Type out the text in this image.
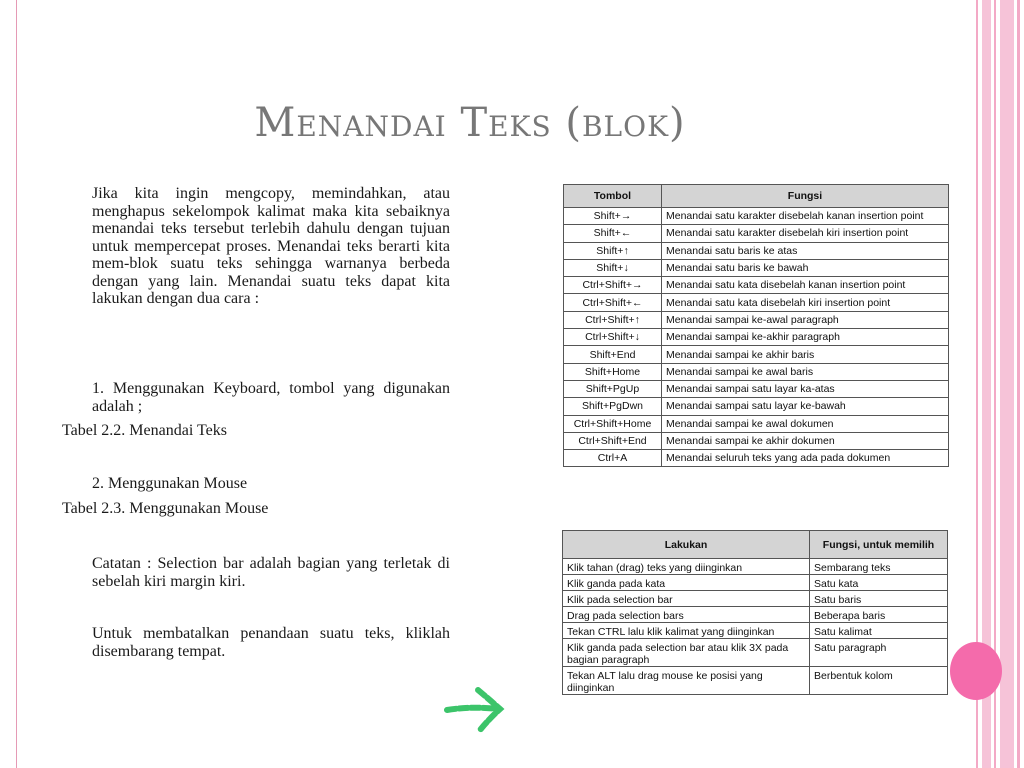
Menandai Teks (blok)

Jika kita ingin mengcopy, memindahkan, atau menghapus sekelompok kalimat maka kita sebaiknya menandai teks tersebut terlebih dahulu dengan tujuan untuk mempercepat proses. Menandai teks berarti kita mem-blok suatu teks sehingga warnanya berbeda dengan yang lain. Menandai suatu teks dapat kita lakukan dengan dua cara :

1. Menggunakan Keyboard, tombol yang digunakan adalah ;

Tabel 2.2. Menandai Teks

2. Menggunakan Mouse

Tabel 2.3. Menggunakan Mouse

Catatan : Selection bar adalah bagian yang terletak di sebelah kiri margin kiri.

Untuk membatalkan penandaan suatu teks, kliklah disembarang tempat.

Tombol	Fungsi
Shift+→	Menandai satu karakter disebelah kanan insertion point
Shift+←	Menandai satu karakter disebelah kiri insertion point
Shift+↑	Menandai satu baris ke atas
Shift+↓	Menandai satu baris ke bawah
Ctrl+Shift+→	Menandai satu kata disebelah kanan insertion point
Ctrl+Shift+←	Menandai satu kata disebelah kiri insertion point
Ctrl+Shift+↑	Menandai sampai ke-awal paragraph
Ctrl+Shift+↓	Menandai sampai ke-akhir paragraph
Shift+End	Menandai sampai ke akhir baris
Shift+Home	Menandai sampai ke awal baris
Shift+PgUp	Menandai sampai satu layar ka-atas
Shift+PgDwn	Menandai sampai satu layar ke-bawah
Ctrl+Shift+Home	Menandai sampai ke awal dokumen
Ctrl+Shift+End	Menandai sampai ke akhir dokumen
Ctrl+A	Menandai seluruh teks yang ada pada dokumen
Lakukan	Fungsi, untuk memilih
Klik tahan (drag) teks yang diinginkan	Sembarang teks
Klik ganda pada kata	Satu kata
Klik pada selection bar	Satu baris
Drag pada selection bars	Beberapa baris
Tekan CTRL lalu klik kalimat yang diinginkan	Satu kalimat
Klik ganda pada selection bar atau klik 3X pada bagian paragraph	Satu paragraph
Tekan ALT lalu drag mouse ke posisi yang diinginkan	Berbentuk kolom
